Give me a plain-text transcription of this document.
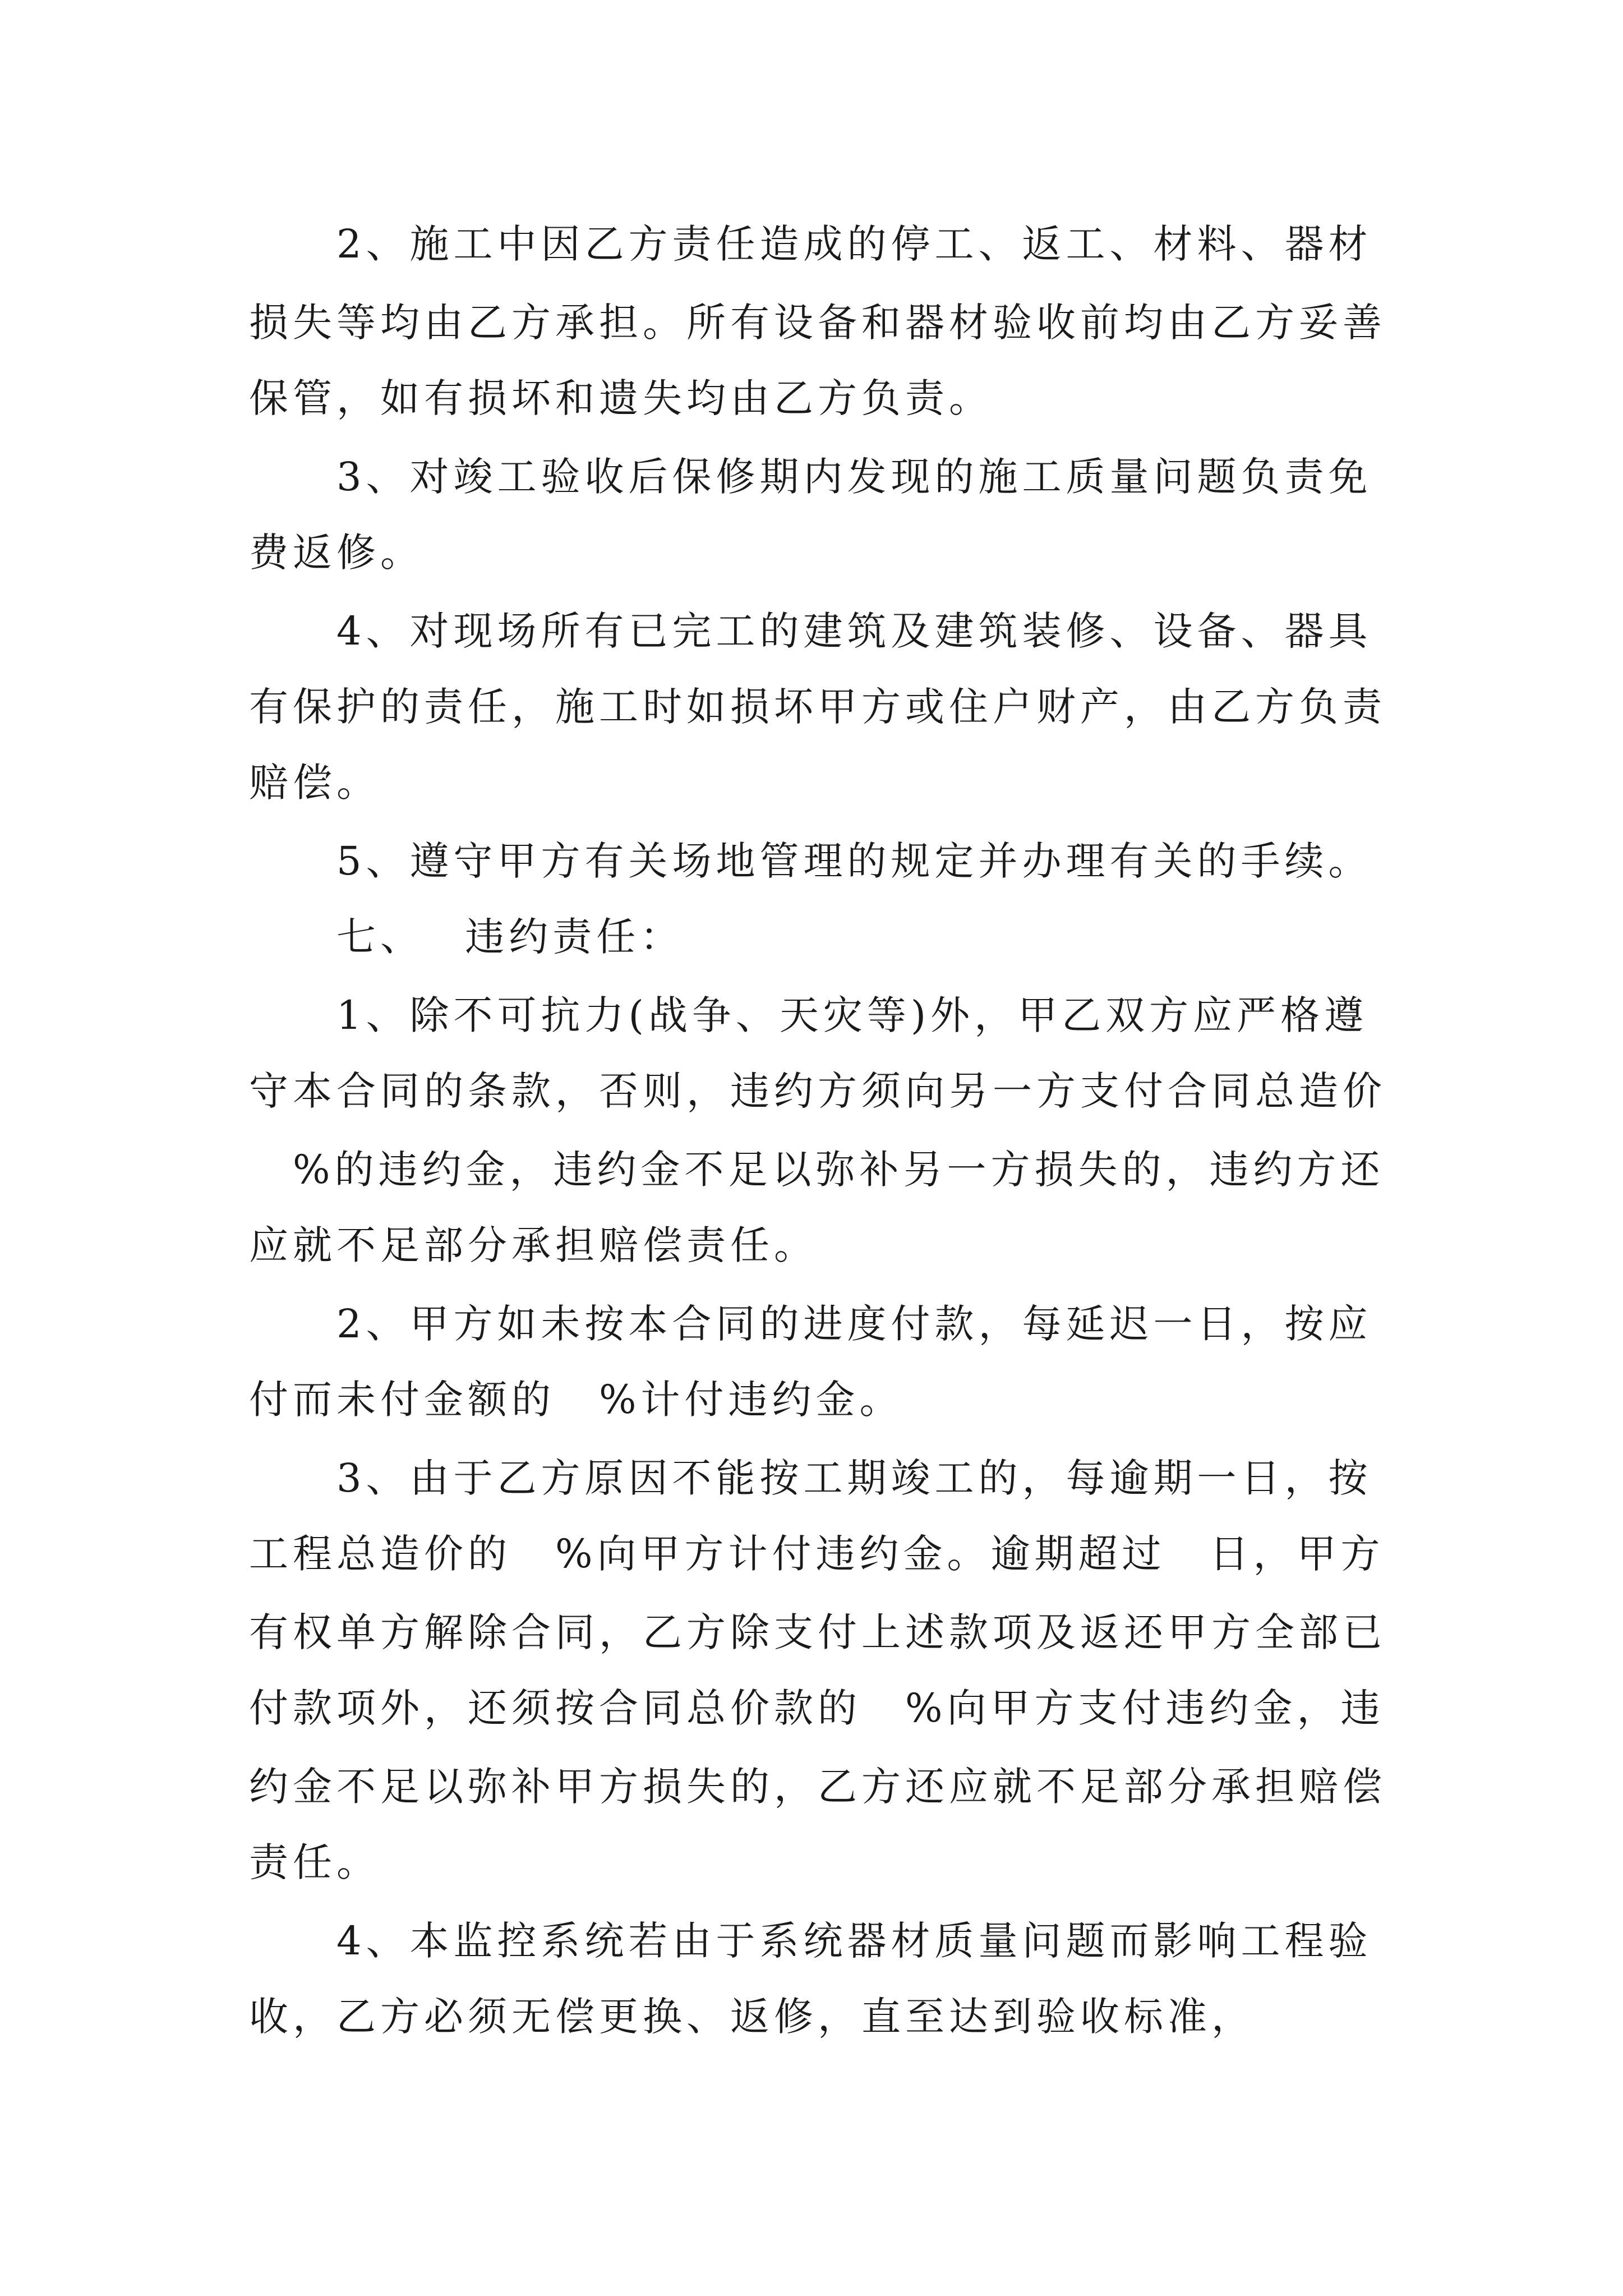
　　2、施工中因乙方责任造成的停工、返工、材料、器材

损失等均由乙方承担。所有设备和器材验收前均由乙方妥善

保管，如有损坏和遗失均由乙方负责。

　　3、对竣工验收后保修期内发现的施工质量问题负责免

费返修。

　　4、对现场所有已完工的建筑及建筑装修、设备、器具

有保护的责任，施工时如损坏甲方或住户财产，由乙方负责

赔偿。

　　5、遵守甲方有关场地管理的规定并办理有关的手续。

　　七、　 违约责任：

　　1、除不可抗力(战争、天灾等)外，甲乙双方应严格遵

守本合同的条款，否则，违约方须向另一方支付合同总造价

　%的违约金，违约金不足以弥补另一方损失的，违约方还

应就不足部分承担赔偿责任。

　　2、甲方如未按本合同的进度付款，每延迟一日，按应

付而未付金额的　%计付违约金。

　　3、由于乙方原因不能按工期竣工的，每逾期一日，按

工程总造价的　%向甲方计付违约金。逾期超过　日，甲方

有权单方解除合同，乙方除支付上述款项及返还甲方全部已

付款项外，还须按合同总价款的　%向甲方支付违约金，违

约金不足以弥补甲方损失的，乙方还应就不足部分承担赔偿

责任。

　　4、本监控系统若由于系统器材质量问题而影响工程验

收，乙方必须无偿更换、返修，直至达到验收标准，
